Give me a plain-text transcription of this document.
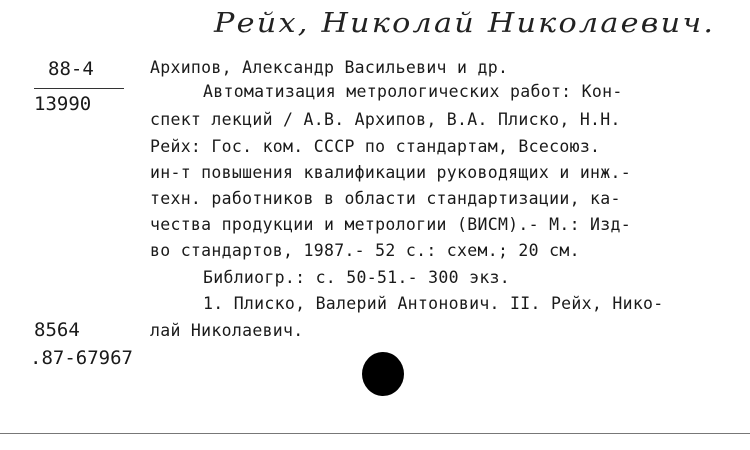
Рейх, Николай Николаевич.
88-4
13990
Архипов, Александр Васильевич и др.
Автоматизация метрологических работ: Кон-
спект лекций / А.В. Архипов, В.А. Плиско, Н.Н.
Рейх: Гос. ком. СССР по стандартам, Всесоюз.
ин-т повышения квалификации руководящих и инж.-
техн. работников в области стандартизации, ка-
чества продукции и метрологии (ВИСМ).- М.: Изд-
во стандартов, 1987.- 52 с.: схем.; 20 см.
Библиогр.: с. 50-51.- 300 экз.
1. Плиско, Валерий Антонович. II. Рейх, Нико-
лай Николаевич.
8564
.87-67967
